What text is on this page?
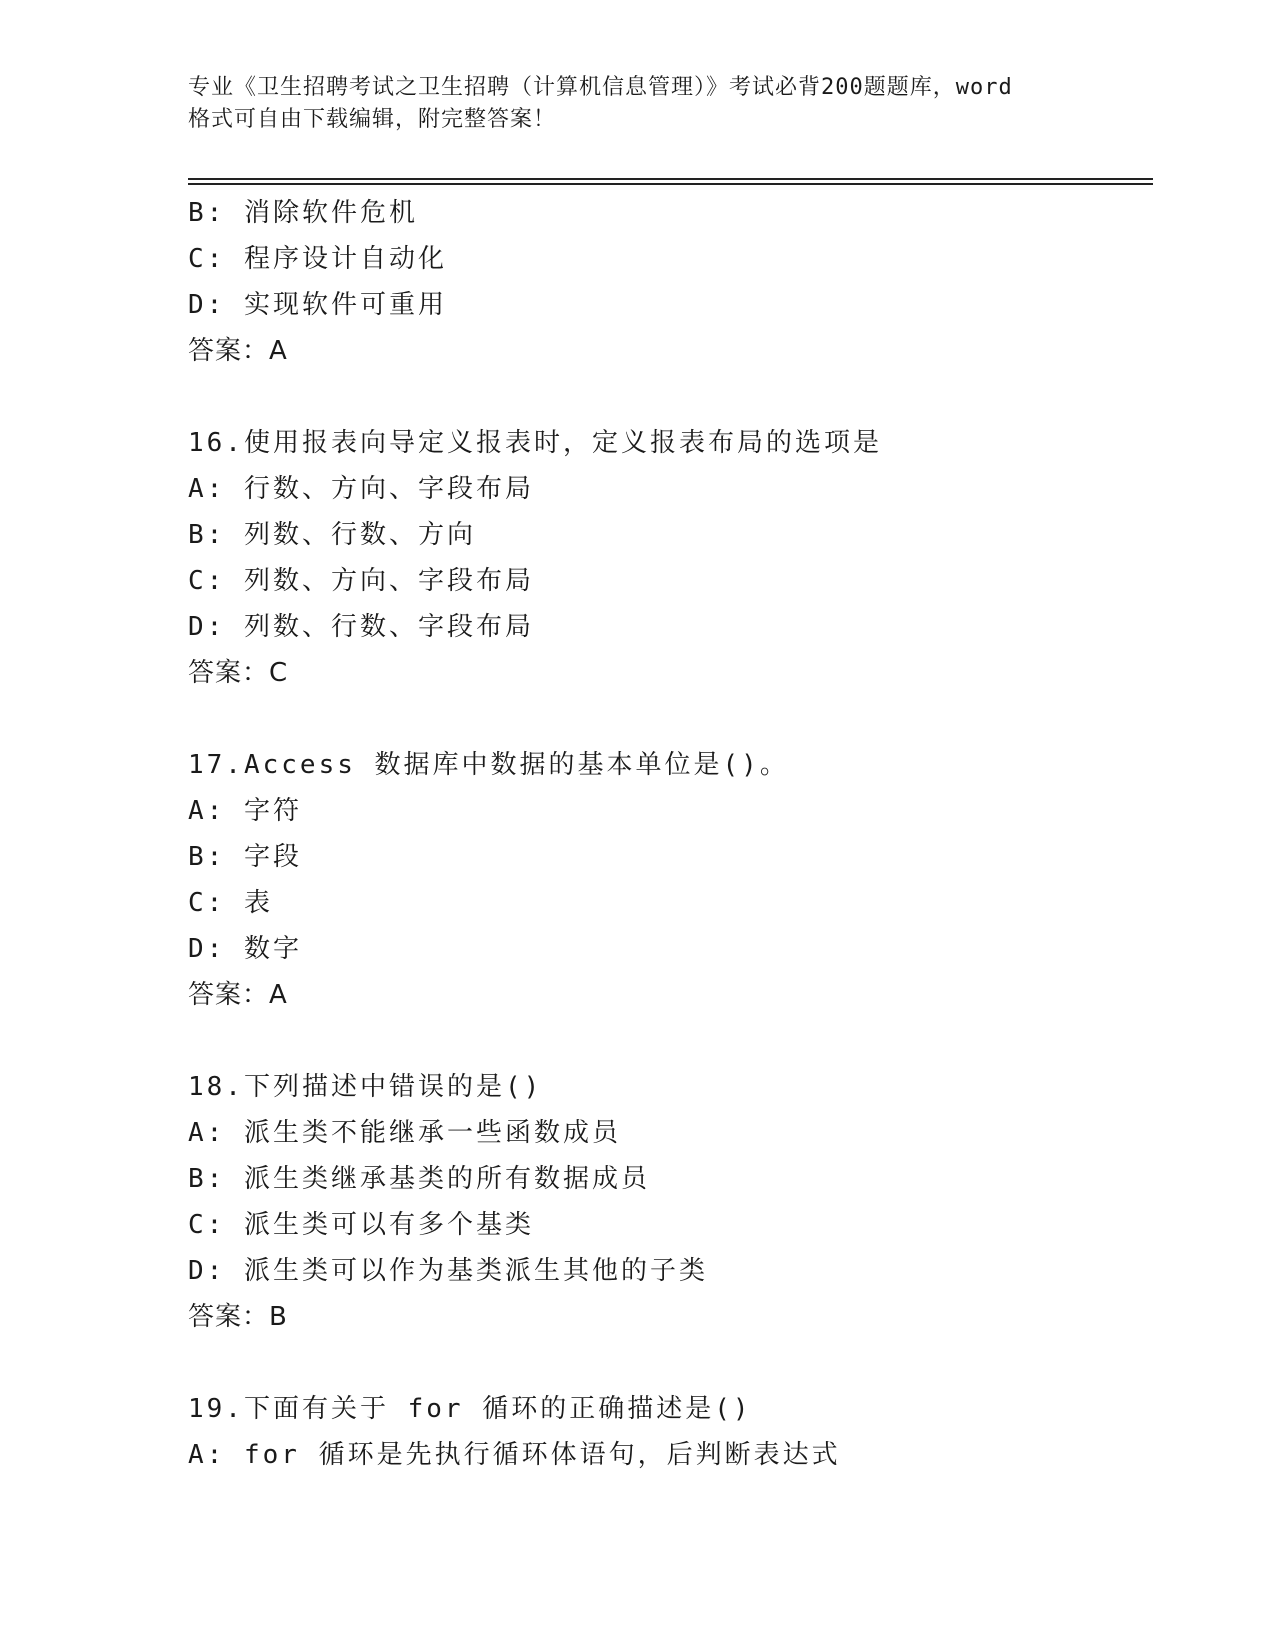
专业《卫生招聘考试之卫生招聘（计算机信息管理）》考试必背200题题库，word
格式可自由下载编辑，附完整答案！
B: 消除软件危机
C: 程序设计自动化
D: 实现软件可重用
答案：A
16.使用报表向导定义报表时，定义报表布局的选项是
A: 行数、方向、字段布局
B: 列数、行数、方向
C: 列数、方向、字段布局
D: 列数、行数、字段布局
答案：C
17.Access 数据库中数据的基本单位是()。
A: 字符
B: 字段
C: 表
D: 数字
答案：A
18.下列描述中错误的是()
A: 派生类不能继承一些函数成员
B: 派生类继承基类的所有数据成员
C: 派生类可以有多个基类
D: 派生类可以作为基类派生其他的子类
答案：B
19.下面有关于 for 循环的正确描述是()
A: for 循环是先执行循环体语句，后判断表达式
